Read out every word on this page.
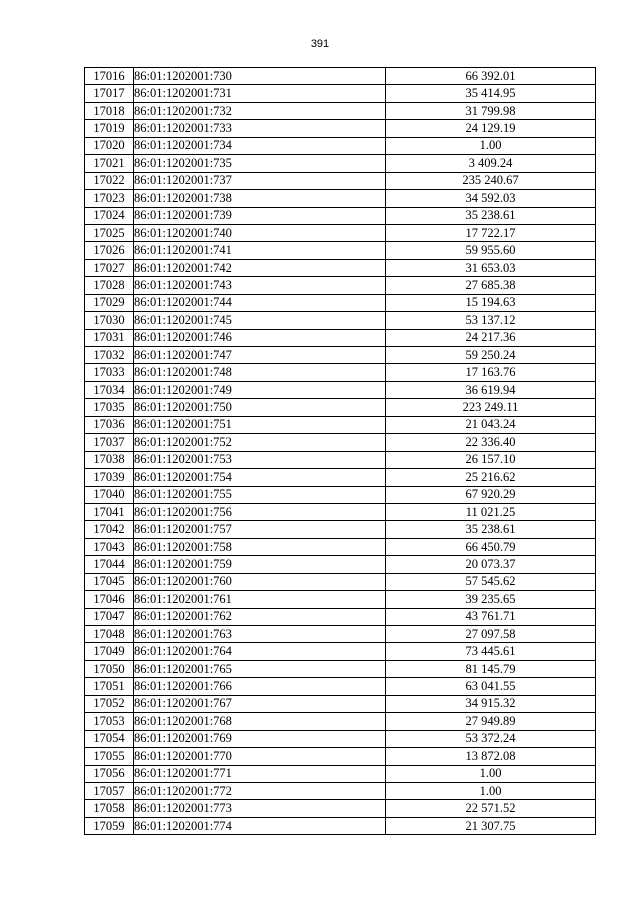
391
17016	86:01:1202001:730	66 392.01
17017	86:01:1202001:731	35 414.95
17018	86:01:1202001:732	31 799.98
17019	86:01:1202001:733	24 129.19
17020	86:01:1202001:734	1.00
17021	86:01:1202001:735	3 409.24
17022	86:01:1202001:737	235 240.67
17023	86:01:1202001:738	34 592.03
17024	86:01:1202001:739	35 238.61
17025	86:01:1202001:740	17 722.17
17026	86:01:1202001:741	59 955.60
17027	86:01:1202001:742	31 653.03
17028	86:01:1202001:743	27 685.38
17029	86:01:1202001:744	15 194.63
17030	86:01:1202001:745	53 137.12
17031	86:01:1202001:746	24 217.36
17032	86:01:1202001:747	59 250.24
17033	86:01:1202001:748	17 163.76
17034	86:01:1202001:749	36 619.94
17035	86:01:1202001:750	223 249.11
17036	86:01:1202001:751	21 043.24
17037	86:01:1202001:752	22 336.40
17038	86:01:1202001:753	26 157.10
17039	86:01:1202001:754	25 216.62
17040	86:01:1202001:755	67 920.29
17041	86:01:1202001:756	11 021.25
17042	86:01:1202001:757	35 238.61
17043	86:01:1202001:758	66 450.79
17044	86:01:1202001:759	20 073.37
17045	86:01:1202001:760	57 545.62
17046	86:01:1202001:761	39 235.65
17047	86:01:1202001:762	43 761.71
17048	86:01:1202001:763	27 097.58
17049	86:01:1202001:764	73 445.61
17050	86:01:1202001:765	81 145.79
17051	86:01:1202001:766	63 041.55
17052	86:01:1202001:767	34 915.32
17053	86:01:1202001:768	27 949.89
17054	86:01:1202001:769	53 372.24
17055	86:01:1202001:770	13 872.08
17056	86:01:1202001:771	1.00
17057	86:01:1202001:772	1.00
17058	86:01:1202001:773	22 571.52
17059	86:01:1202001:774	21 307.75
